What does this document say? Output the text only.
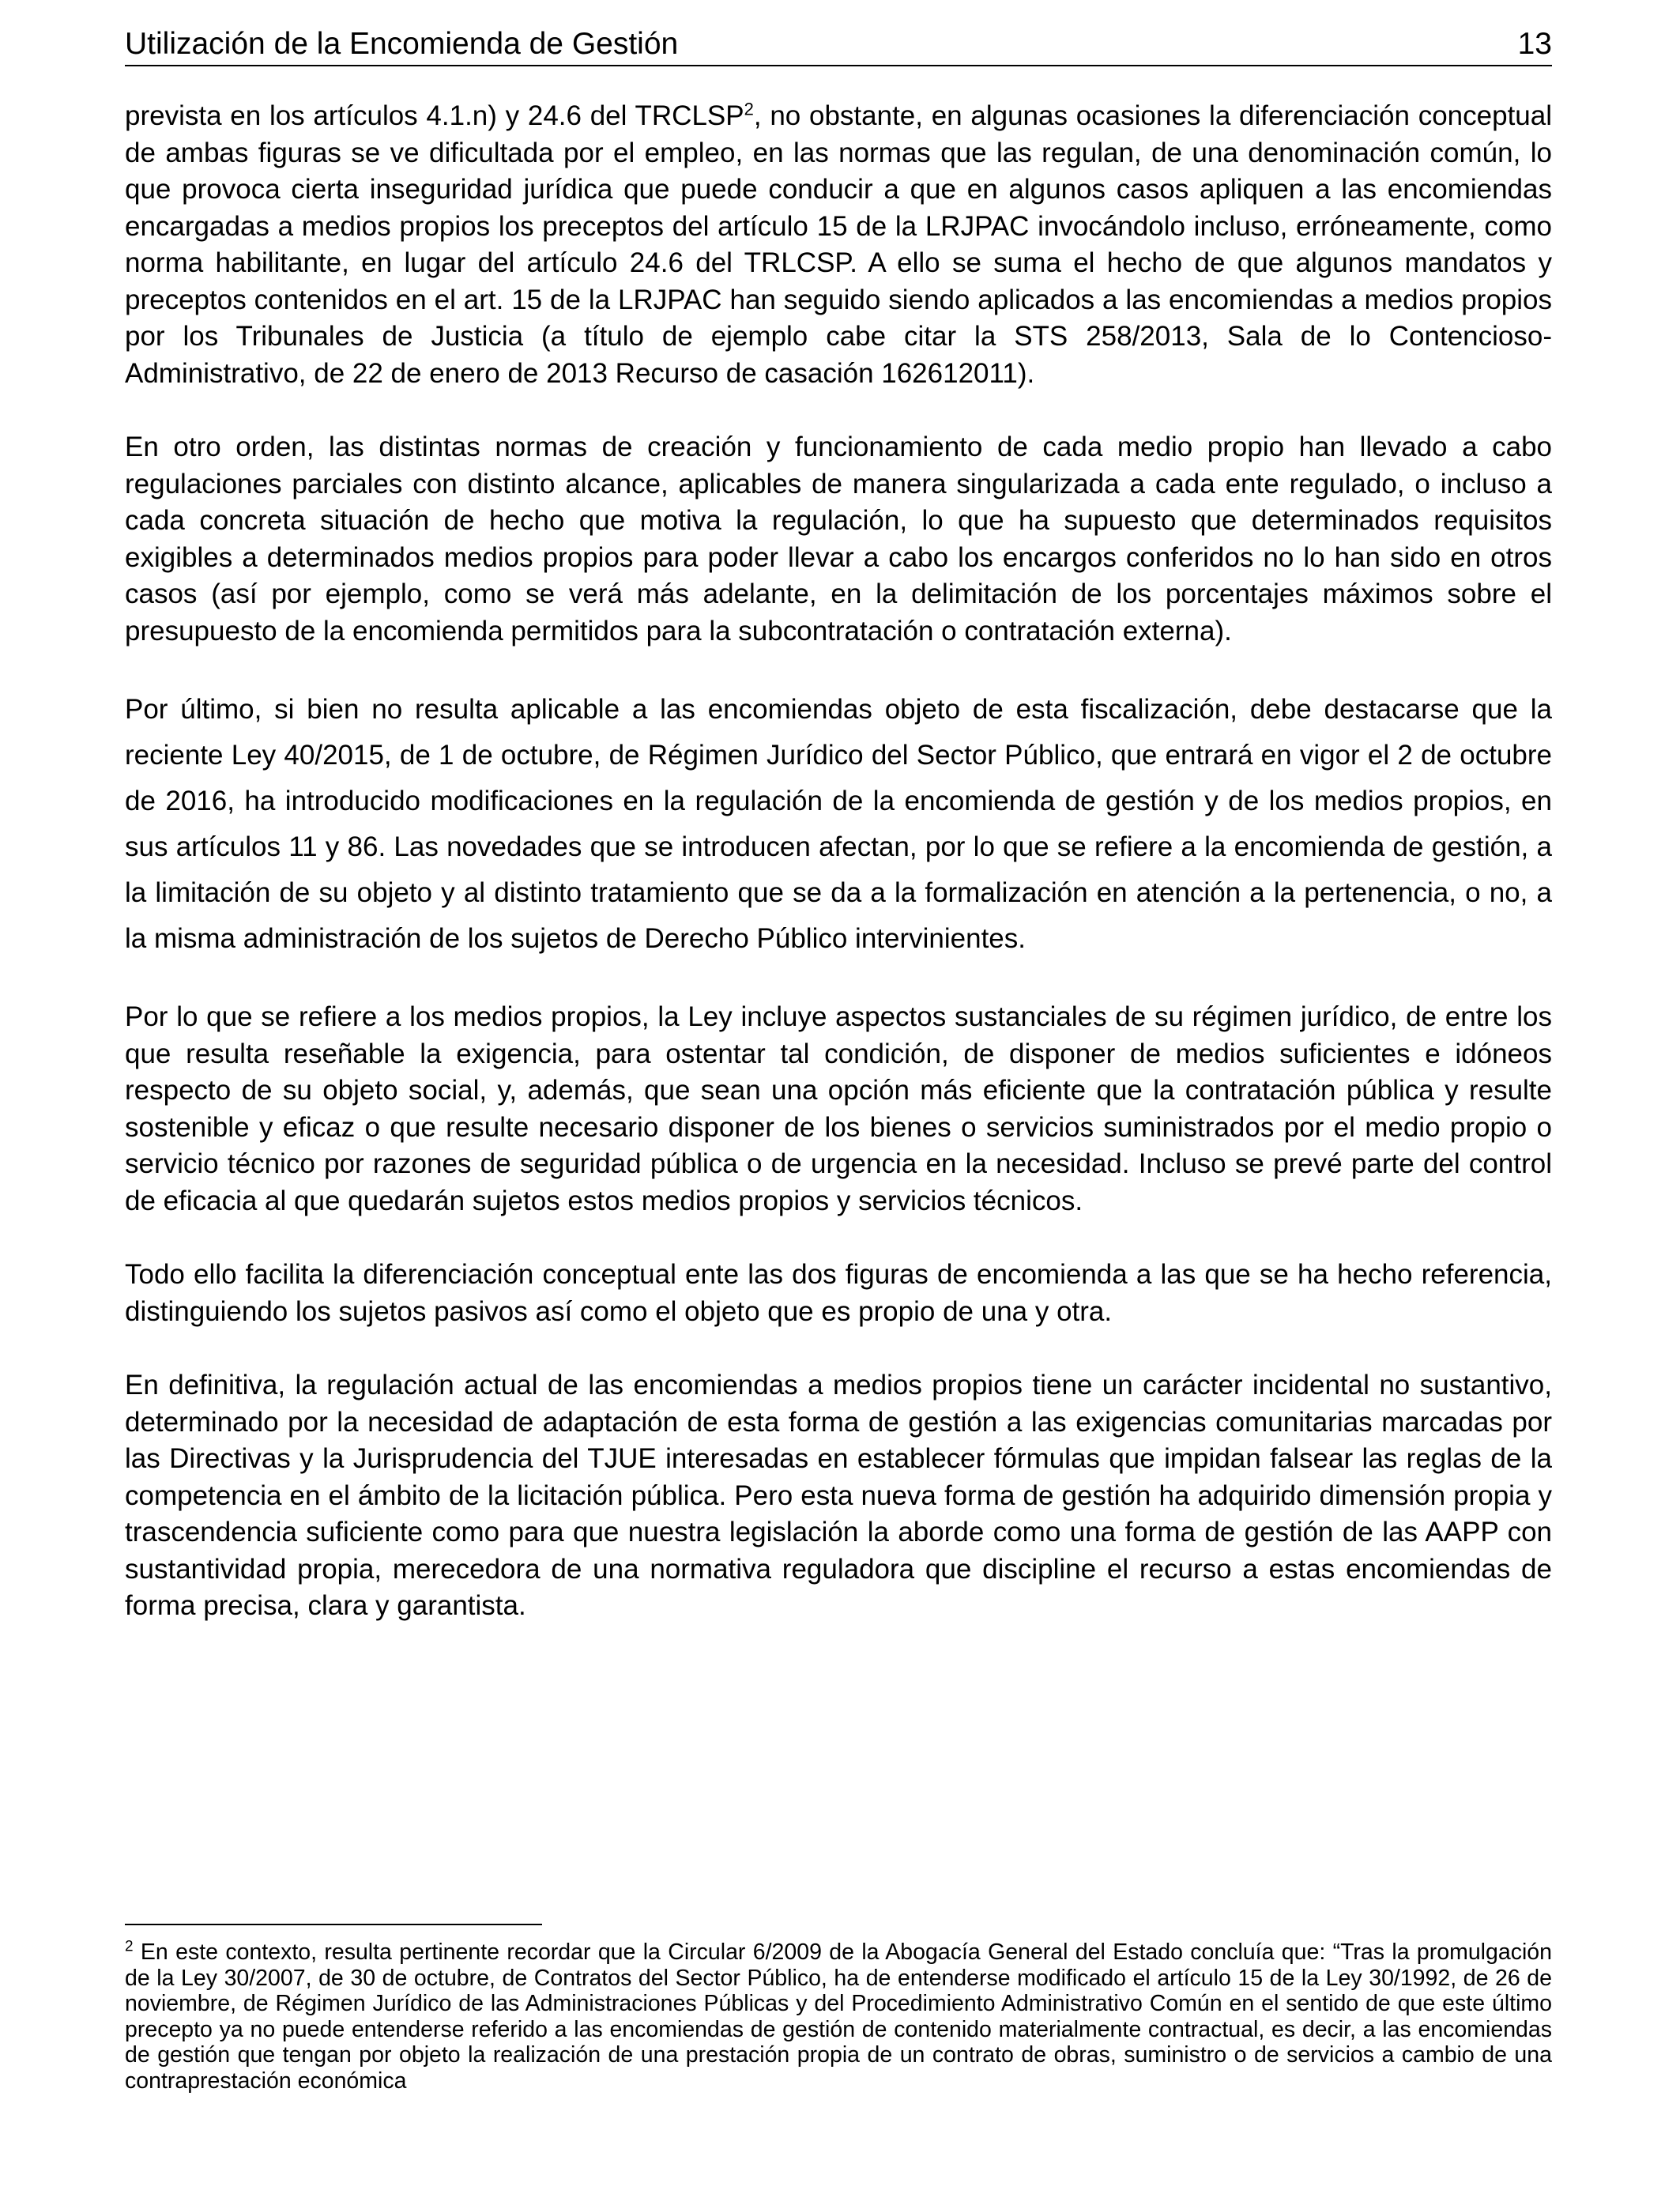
Utilización de la Encomienda de Gestión	13

prevista en los artículos 4.1.n) y 24.6 del TRCLSP$^2$, no obstante, en algunas ocasiones la diferenciación conceptual de ambas figuras se ve dificultada por el empleo, en las normas que las regulan, de una denominación común, lo que provoca cierta inseguridad jurídica que puede conducir a que en algunos casos apliquen a las encomiendas encargadas a medios propios los preceptos del artículo 15 de la LRJPAC invocándolo incluso, erróneamente, como norma habilitante, en lugar del artículo 24.6 del TRLCSP. A ello se suma el hecho de que algunos mandatos y preceptos contenidos en el art. 15 de la LRJPAC han seguido siendo aplicados a las encomiendas a medios propios por los Tribunales de Justicia (a título de ejemplo cabe citar la STS 258/2013, Sala de lo Contencioso-Administrativo, de 22 de enero de 2013 Recurso de casación 162612011).

En otro orden, las distintas normas de creación y funcionamiento de cada medio propio han llevado a cabo regulaciones parciales con distinto alcance, aplicables de manera singularizada a cada ente regulado, o incluso a cada concreta situación de hecho que motiva la regulación, lo que ha supuesto que determinados requisitos exigibles a determinados medios propios para poder llevar a cabo los encargos conferidos no lo han sido en otros casos (así por ejemplo, como se verá más adelante, en la delimitación de los porcentajes máximos sobre el presupuesto de la encomienda permitidos para la subcontratación o contratación externa).

Por último, si bien no resulta aplicable a las encomiendas objeto de esta fiscalización, debe destacarse que la reciente Ley 40/2015, de 1 de octubre, de Régimen Jurídico del Sector Público, que entrará en vigor el 2 de octubre de 2016, ha introducido modificaciones en la regulación de la encomienda de gestión y de los medios propios, en sus artículos 11 y 86. Las novedades que se introducen afectan, por lo que se refiere a la encomienda de gestión, a la limitación de su objeto y al distinto tratamiento que se da a la formalización en atención a la pertenencia, o no, a la misma administración de los sujetos de Derecho Público intervinientes.

Por lo que se refiere a los medios propios, la Ley incluye aspectos sustanciales de su régimen jurídico, de entre los que resulta reseñable la exigencia, para ostentar tal condición, de disponer de medios suficientes e idóneos respecto de su objeto social, y, además, que sean una opción más eficiente que la contratación pública y resulte sostenible y eficaz o que resulte necesario disponer de los bienes o servicios suministrados por el medio propio o servicio técnico por razones de seguridad pública o de urgencia en la necesidad. Incluso se prevé parte del control de eficacia al que quedarán sujetos estos medios propios y servicios técnicos.

Todo ello facilita la diferenciación conceptual ente las dos figuras de encomienda a las que se ha hecho referencia, distinguiendo los sujetos pasivos así como el objeto que es propio de una y otra.

En definitiva, la regulación actual de las encomiendas a medios propios tiene un carácter incidental no sustantivo, determinado por la necesidad de adaptación de esta forma de gestión a las exigencias comunitarias marcadas por las Directivas y la Jurisprudencia del TJUE interesadas en establecer fórmulas que impidan falsear las reglas de la competencia en el ámbito de la licitación pública. Pero esta nueva forma de gestión ha adquirido dimensión propia y trascendencia suficiente como para que nuestra legislación la aborde como una forma de gestión de las AAPP con sustantividad propia, merecedora de una normativa reguladora que discipline el recurso a estas encomiendas de forma precisa, clara y garantista.

$^2$ En este contexto, resulta pertinente recordar que la Circular 6/2009 de la Abogacía General del Estado concluía que: “Tras la promulgación de la Ley 30/2007, de 30 de octubre, de Contratos del Sector Público, ha de entenderse modificado el artículo 15 de la Ley 30/1992, de 26 de noviembre, de Régimen Jurídico de las Administraciones Públicas y del Procedimiento Administrativo Común en el sentido de que este último precepto ya no puede entenderse referido a las encomiendas de gestión de contenido materialmente contractual, es decir, a las encomiendas de gestión que tengan por objeto la realización de una prestación propia de un contrato de obras, suministro o de servicios a cambio de una contraprestación económica
